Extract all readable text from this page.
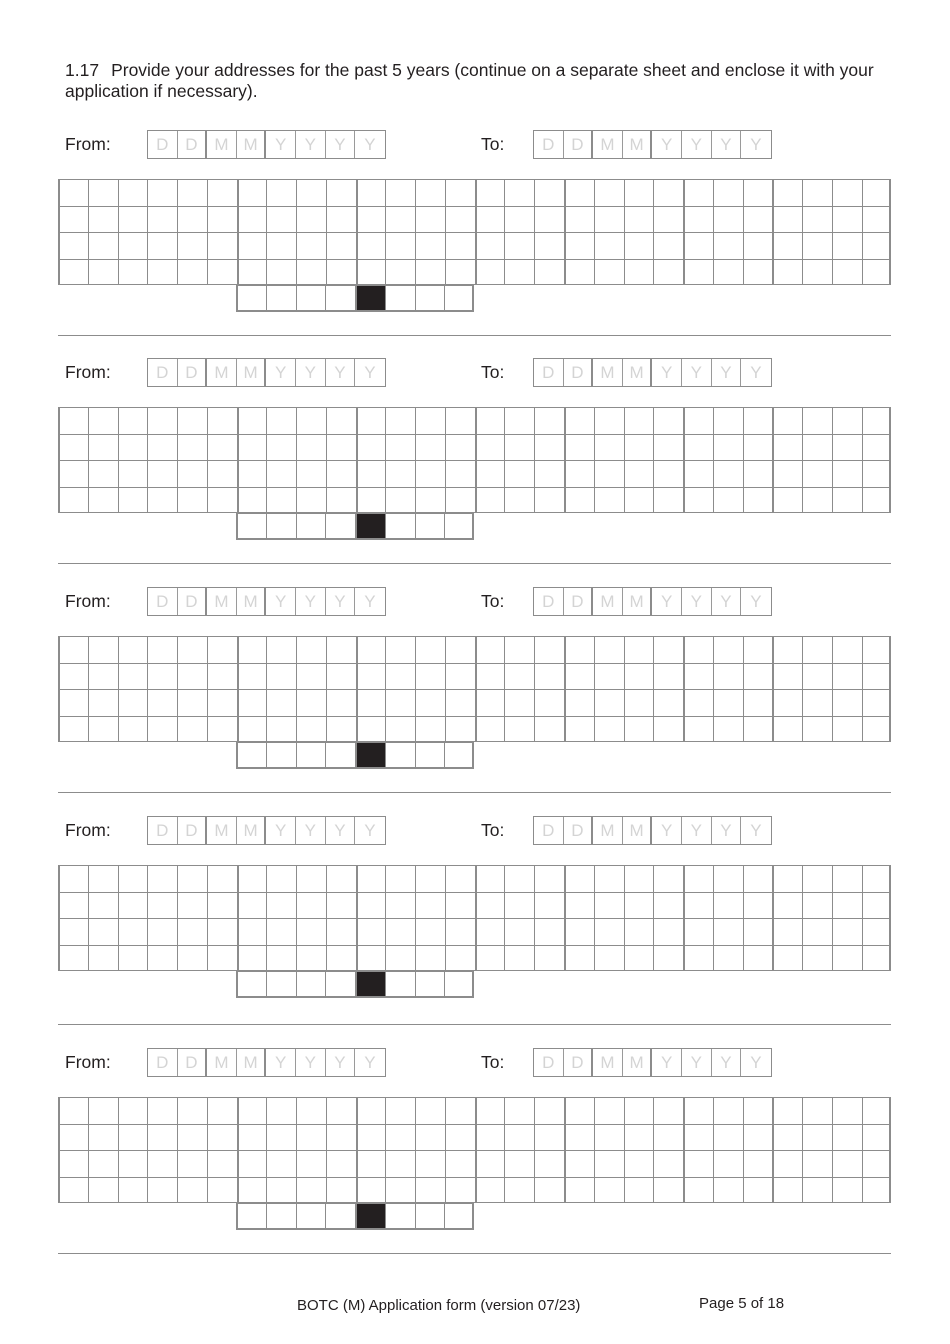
1.17 Provide your addresses for the past 5 years (continue on a separate sheet and enclose it with your application if necessary).
From:	D D M M	Y	Y	Y	Y	To:	D D M M	Y	Y	Y	Y
From:	D D M M	Y	Y	Y	Y	To:	D D M M	Y	Y	Y	Y
From:	D D M M	Y	Y	Y	Y	To:	D D M M	Y	Y	Y	Y
From:	D D M M	Y	Y	Y	Y	To:	D D M M	Y	Y	Y	Y
From:	D D M M	Y	Y	Y	Y	To:	D D M M	Y	Y	Y	Y
BOTC (M) Application form (version 07/23)	Page 5 of 18
